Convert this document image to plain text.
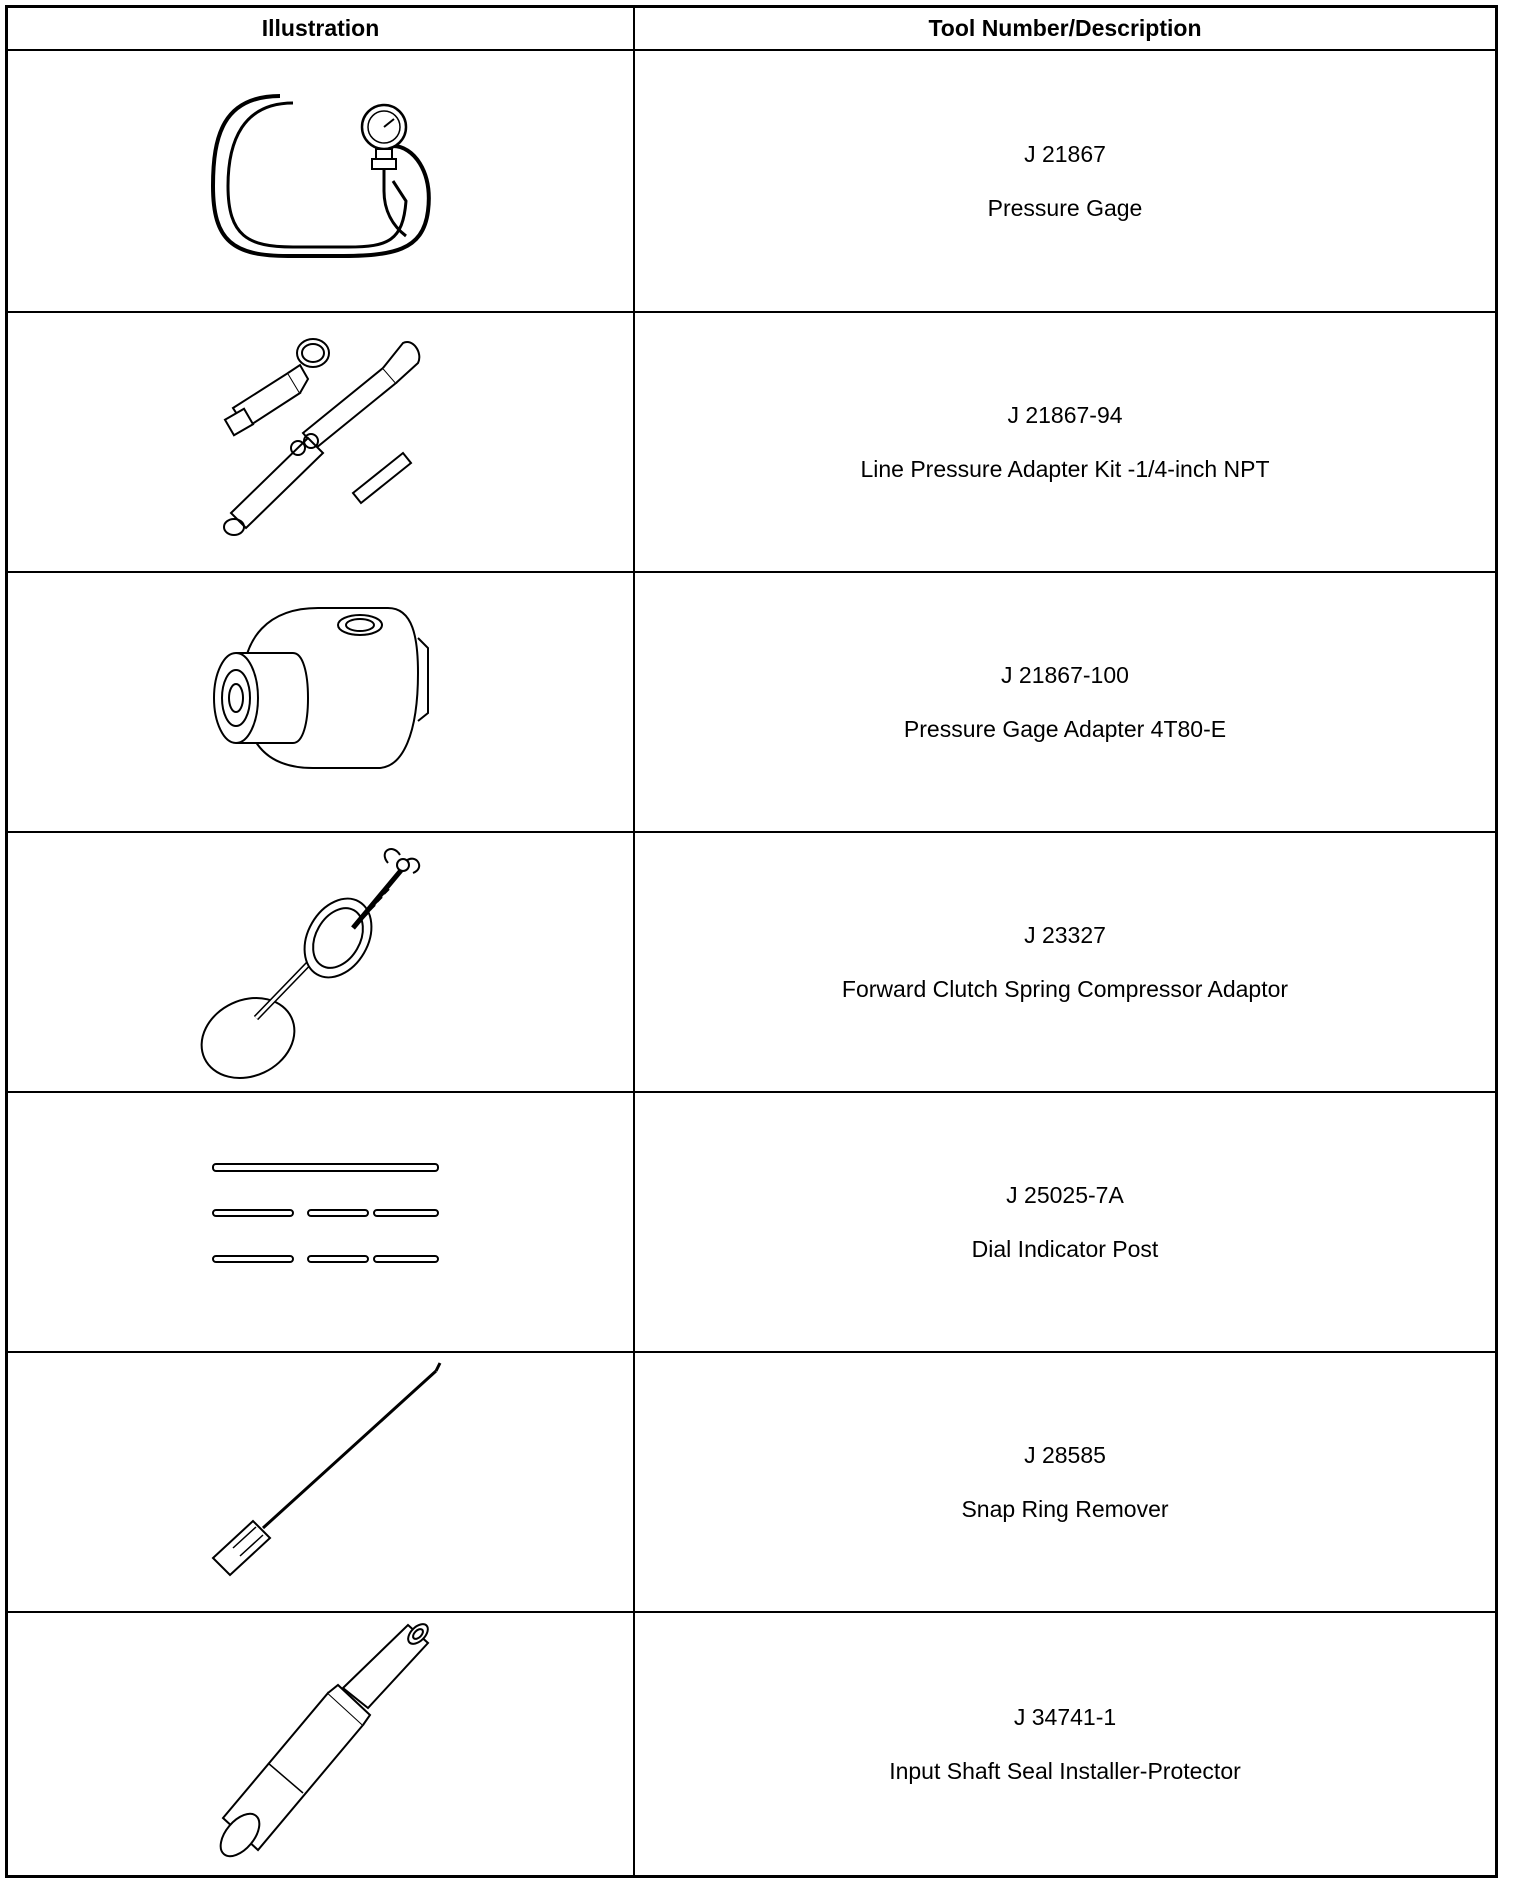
Illustration	Tool Number/Description
J 21867
Pressure Gage
J 21867-94
Line Pressure Adapter Kit -1/4-inch NPT
J 21867-100
Pressure Gage Adapter 4T80-E
J 23327
Forward Clutch Spring Compressor Adaptor
J 25025-7A
Dial Indicator Post
J 28585
Snap Ring Remover
J 34741-1
Input Shaft Seal Installer-Protector
